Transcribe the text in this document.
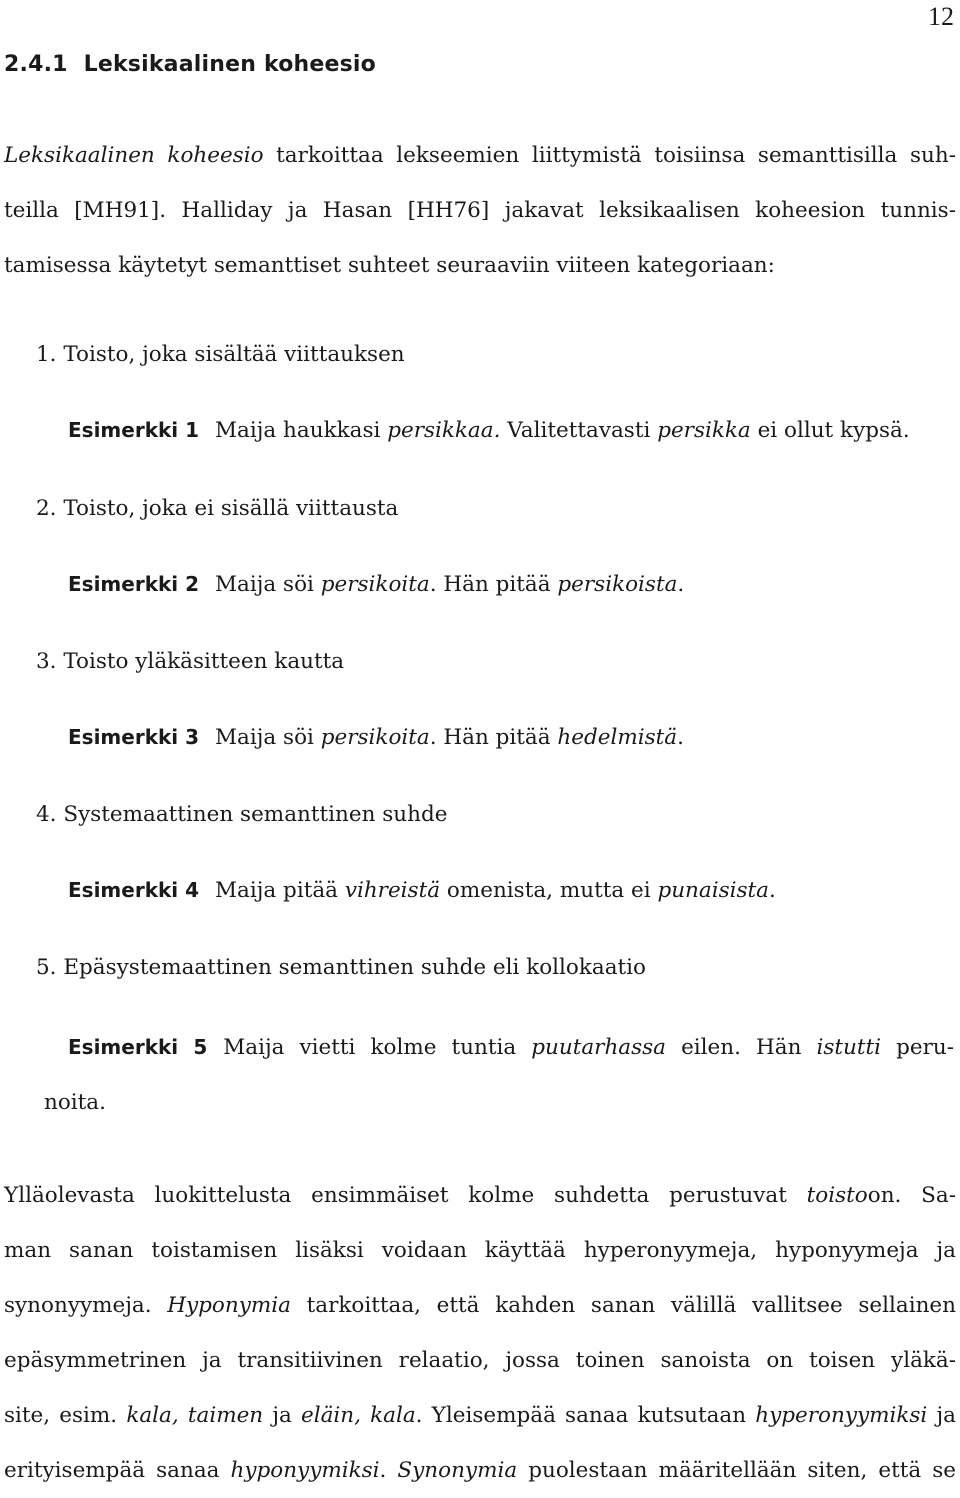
12
2.4.1 Leksikaalinen koheesio
Leksikaalinen koheesio tarkoittaa lekseemien liittymistä toisiinsa semanttisilla suh-
teilla [MH91]. Halliday ja Hasan [HH76] jakavat leksikaalisen koheesion tunnis-
tamisessa käytetyt semanttiset suhteet seuraaviin viiteen kategoriaan:
1. Toisto, joka sisältää viittauksen
Esimerkki 1 Maija haukkasi persikkaa. Valitettavasti persikka ei ollut kypsä.
2. Toisto, joka ei sisällä viittausta
Esimerkki 2 Maija söi persikoita. Hän pitää persikoista.
3. Toisto yläkäsitteen kautta
Esimerkki 3 Maija söi persikoita. Hän pitää hedelmistä.
4. Systemaattinen semanttinen suhde
Esimerkki 4 Maija pitää vihreistä omenista, mutta ei punaisista.
5. Epäsystemaattinen semanttinen suhde eli kollokaatio
Esimerkki 5 Maija vietti kolme tuntia puutarhassa eilen. Hän istutti peru-
noita.
Ylläolevasta luokittelusta ensimmäiset kolme suhdetta perustuvat toistoon. Sa-
man sanan toistamisen lisäksi voidaan käyttää hyperonyymeja, hyponyymeja ja
synonyymeja. Hyponymia tarkoittaa, että kahden sanan välillä vallitsee sellainen
epäsymmetrinen ja transitiivinen relaatio, jossa toinen sanoista on toisen yläkä-
site, esim. kala, taimen ja eläin, kala. Yleisempää sanaa kutsutaan hyperonyymiksi ja
erityisempää sanaa hyponyymiksi. Synonymia puolestaan määritellään siten, että se
